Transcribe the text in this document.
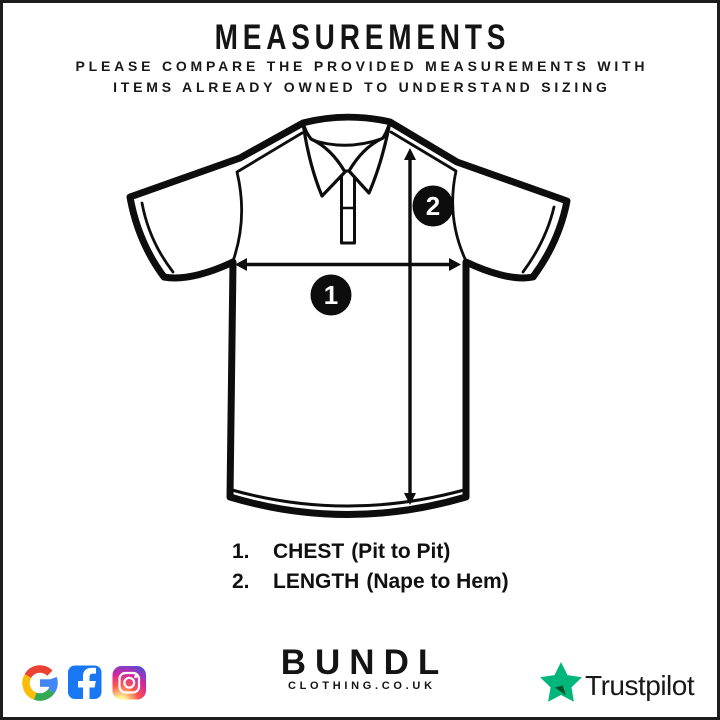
1
2
MEASUREMENTS
PLEASE COMPARE THE PROVIDED MEASUREMENTS WITH
ITEMS ALREADY OWNED TO UNDERSTAND SIZING
1.	CHEST (Pit to Pit)
2.	LENGTH (Nape to Hem)
BUNDL
CLOTHING.CO.UK	Trustpilot
